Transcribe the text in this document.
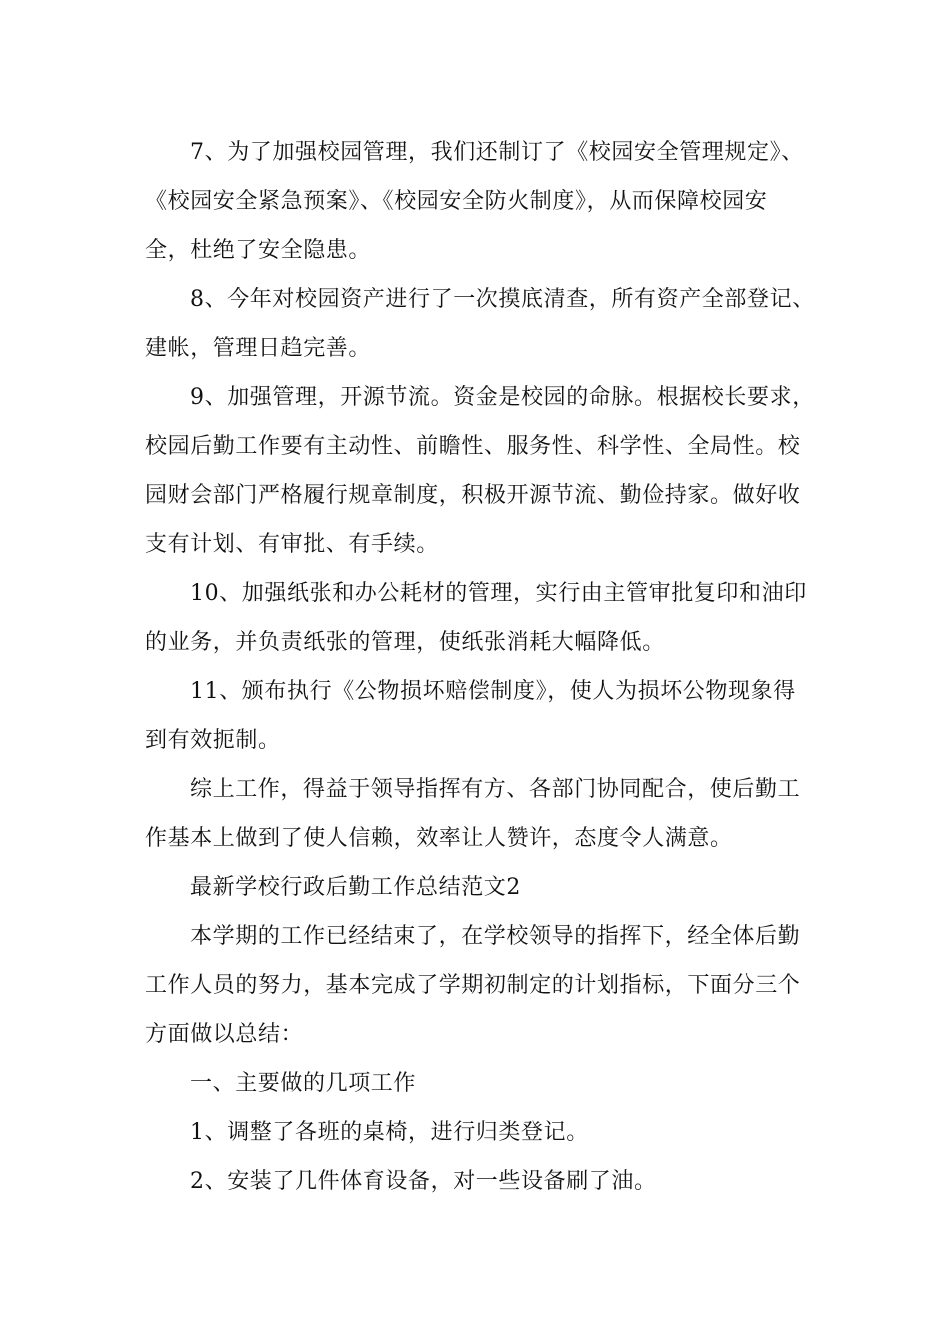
7、为了加强校园管理，我们还制订了《校园安全管理规定》、
《校园安全紧急预案》、《校园安全防火制度》，从而保障校园安
全，杜绝了安全隐患。
8、今年对校园资产进行了一次摸底清查，所有资产全部登记、
建帐，管理日趋完善。
9、加强管理，开源节流。资金是校园的命脉。根据校长要求，
校园后勤工作要有主动性、前瞻性、服务性、科学性、全局性。校
园财会部门严格履行规章制度，积极开源节流、勤俭持家。做好收
支有计划、有审批、有手续。
10、加强纸张和办公耗材的管理，实行由主管审批复印和油印
的业务，并负责纸张的管理，使纸张消耗大幅降低。
11、颁布执行《公物损坏赔偿制度》，使人为损坏公物现象得
到有效扼制。
综上工作，得益于领导指挥有方、各部门协同配合，使后勤工
作基本上做到了使人信赖，效率让人赞许，态度令人满意。
最新学校行政后勤工作总结范文2
本学期的工作已经结束了，在学校领导的指挥下，经全体后勤
工作人员的努力，基本完成了学期初制定的计划指标，下面分三个
方面做以总结：
一、主要做的几项工作
1、调整了各班的桌椅，进行归类登记。
2、安装了几件体育设备，对一些设备刷了油。
